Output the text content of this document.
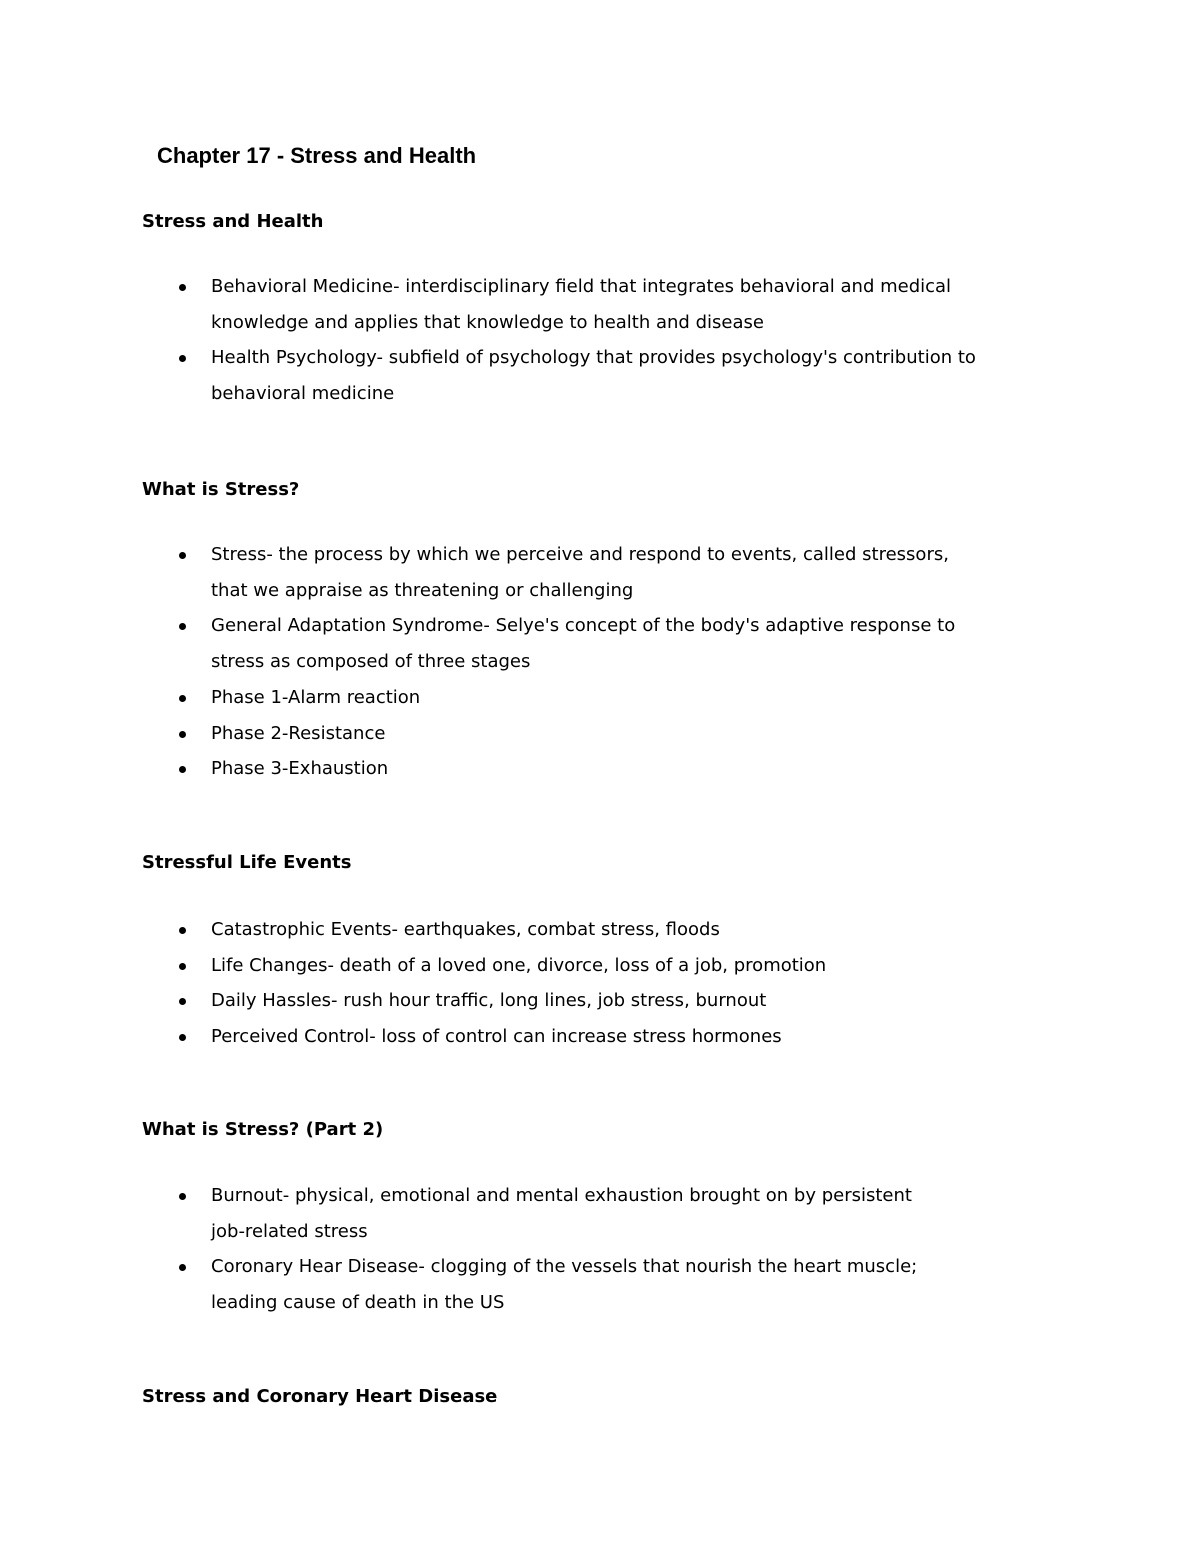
Chapter 17 - Stress and Health
Stress and Health
Behavioral Medicine- interdisciplinary field that integrates behavioral and medical
knowledge and applies that knowledge to health and disease
Health Psychology- subfield of psychology that provides psychology's contribution to
behavioral medicine
What is Stress?
Stress- the process by which we perceive and respond to events, called stressors,
that we appraise as threatening or challenging
General Adaptation Syndrome- Selye's concept of the body's adaptive response to
stress as composed of three stages
Phase 1-Alarm reaction
Phase 2-Resistance
Phase 3-Exhaustion
Stressful Life Events
Catastrophic Events- earthquakes, combat stress, floods
Life Changes- death of a loved one, divorce, loss of a job, promotion
Daily Hassles- rush hour traffic, long lines, job stress, burnout
Perceived Control- loss of control can increase stress hormones
What is Stress? (Part 2)
Burnout- physical, emotional and mental exhaustion brought on by persistent
job-related stress
Coronary Hear Disease- clogging of the vessels that nourish the heart muscle;
leading cause of death in the US
Stress and Coronary Heart Disease
